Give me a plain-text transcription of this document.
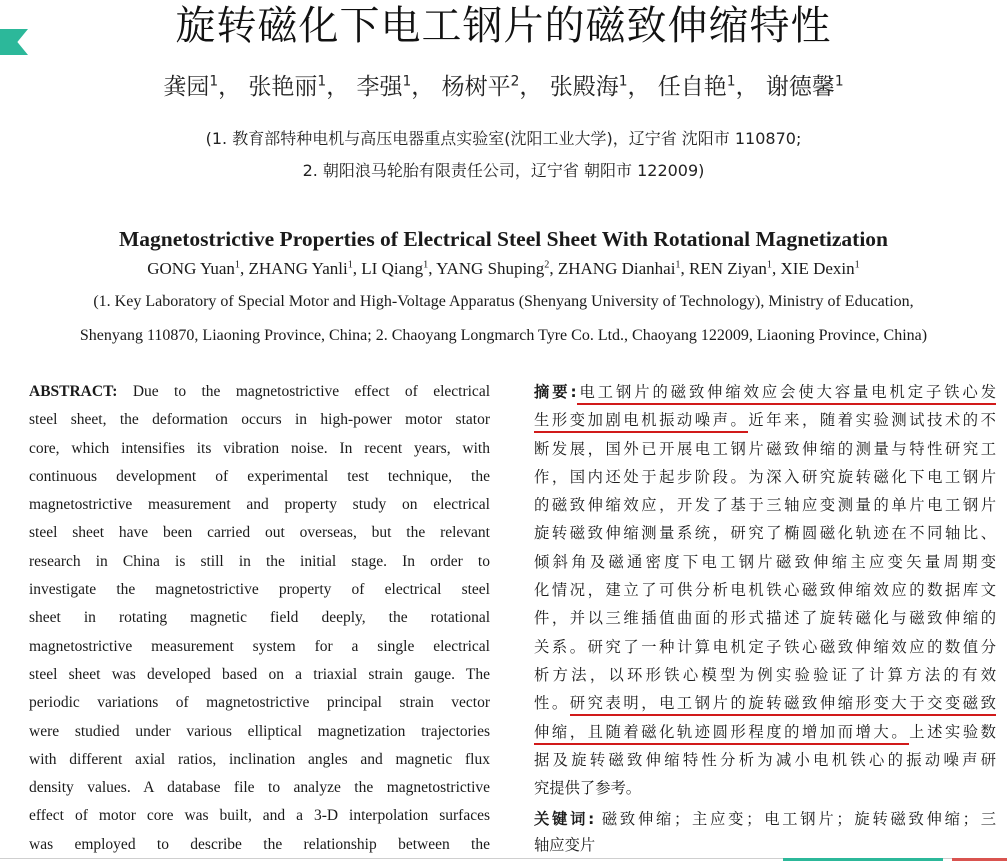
旋转磁化下电工钢片的磁致伸缩特性
龚园$^1$， 张艳丽$^1$， 李强$^1$， 杨树平$^2$， 张殿海$^1$， 任自艳$^1$， 谢德馨$^1$
(1. 教育部特种电机与高压电器重点实验室(沈阳工业大学)，辽宁省 沈阳市 110870;
2. 朝阳浪马轮胎有限责任公司，辽宁省 朝阳市 122009)
Magnetostrictive Properties of Electrical Steel Sheet With Rotational Magnetization
GONG Yuan$^1$, ZHANG Yanli$^1$, LI Qiang$^1$, YANG Shuping$^2$, ZHANG Dianhai$^1$, REN Ziyan$^1$, XIE Dexin$^1$
(1. Key Laboratory of Special Motor and High-Voltage Apparatus (Shenyang University of Technology), Ministry of Education,
Shenyang 110870, Liaoning Province, China; 2. Chaoyang Longmarch Tyre Co. Ltd., Chaoyang 122009, Liaoning Province, China)
ABSTRACT: Due to the magnetostrictive effect of electrical
steel sheet, the deformation occurs in high-power motor stator
core, which intensifies its vibration noise. In recent years, with
continuous development of experimental test technique, the
magnetostrictive measurement and property study on electrical
steel sheet have been carried out overseas, but the relevant
research in China is still in the initial stage. In order to
investigate the magnetostrictive property of electrical steel
sheet in rotating magnetic field deeply, the rotational
magnetostrictive measurement system for a single electrical
steel sheet was developed based on a triaxial strain gauge. The
periodic variations of magnetostrictive principal strain vector
were studied under various elliptical magnetization trajectories
with different axial ratios, inclination angles and magnetic flux
density values. A database file to analyze the magnetostrictive
effect of motor core was built, and a 3-D interpolation surfaces
was employed to describe the relationship between the
摘要:电工钢片的磁致伸缩效应会使大容量电机定子铁心发
生形变加剧电机振动噪声。近年来，随着实验测试技术的不
断发展，国外已开展电工钢片磁致伸缩的测量与特性研究工
作，国内还处于起步阶段。为深入研究旋转磁化下电工钢片
的磁致伸缩效应，开发了基于三轴应变测量的单片电工钢片
旋转磁致伸缩测量系统，研究了椭圆磁化轨迹在不同轴比、
倾斜角及磁通密度下电工钢片磁致伸缩主应变矢量周期变
化情况，建立了可供分析电机铁心磁致伸缩效应的数据库文
件，并以三维插值曲面的形式描述了旋转磁化与磁致伸缩的
关系。研究了一种计算电机定子铁心磁致伸缩效应的数值分
析方法，以环形铁心模型为例实验验证了计算方法的有效
性。研究表明，电工钢片的旋转磁致伸缩形变大于交变磁致
伸缩，且随着磁化轨迹圆形程度的增加而增大。上述实验数
据及旋转磁致伸缩特性分析为减小电机铁心的振动噪声研
究提供了参考。
关键词: 磁致伸缩；主应变；电工钢片；旋转磁致伸缩；三
轴应变片
